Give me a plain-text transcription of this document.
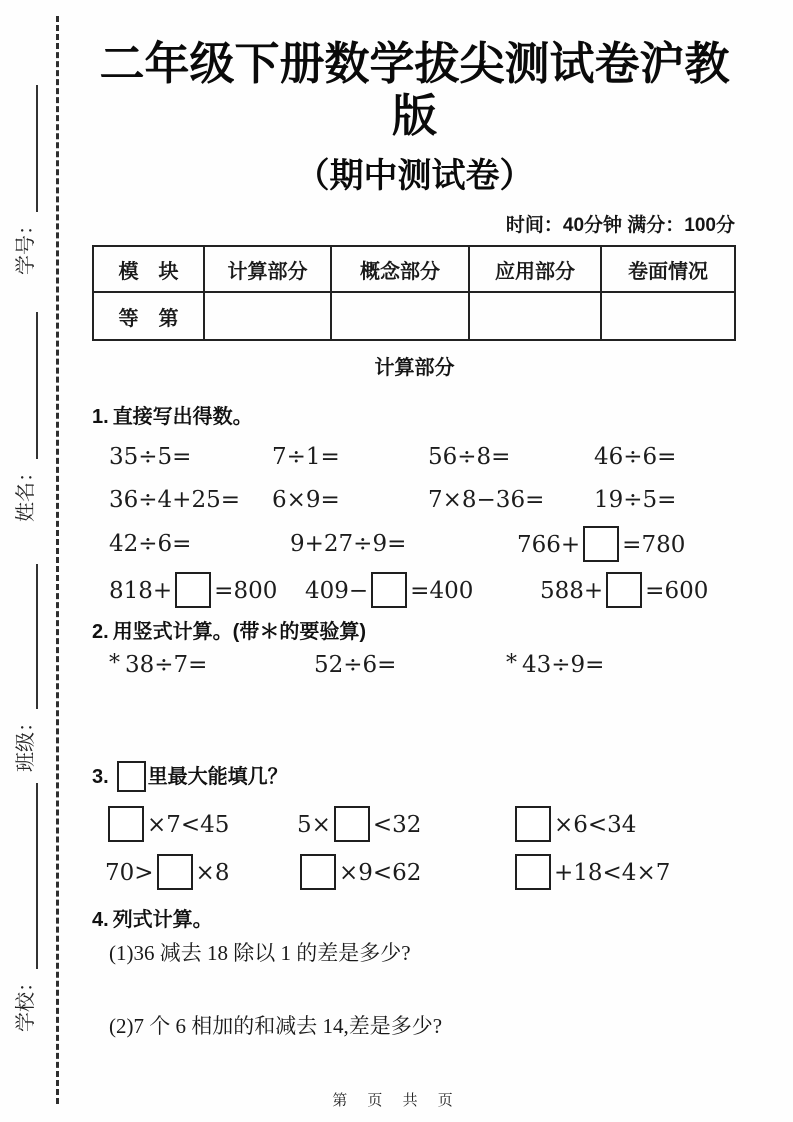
学号：
姓名：
班级：
学校：
二年级下册数学拔尖测试卷沪教版
（期中测试卷）
时间：40分钟 满分：100分
模　块	计算部分	概念部分	应用部分	卷面情况
等　第				
计算部分
1. 直接写出得数。
35÷5=	7÷1=	56÷8=	46÷6=
36÷4+25=	6×9=	7×8−36=	19÷5=
42÷6=	9+27÷9=	766+ =780
818+ =800	409− =400	588+ =600
2. 用竖式计算。(带＊的要验算)
* 38÷7=	52÷6=	* 43÷9=
3. 里最大能填几？
×7<45	5× <32	×6<34
70> ×8	×9<62	+18<4×7
4. 列式计算。
(1)36 减去 18 除以 1 的差是多少?
(2)7 个 6 相加的和减去 14,差是多少?
第 页 共 页
